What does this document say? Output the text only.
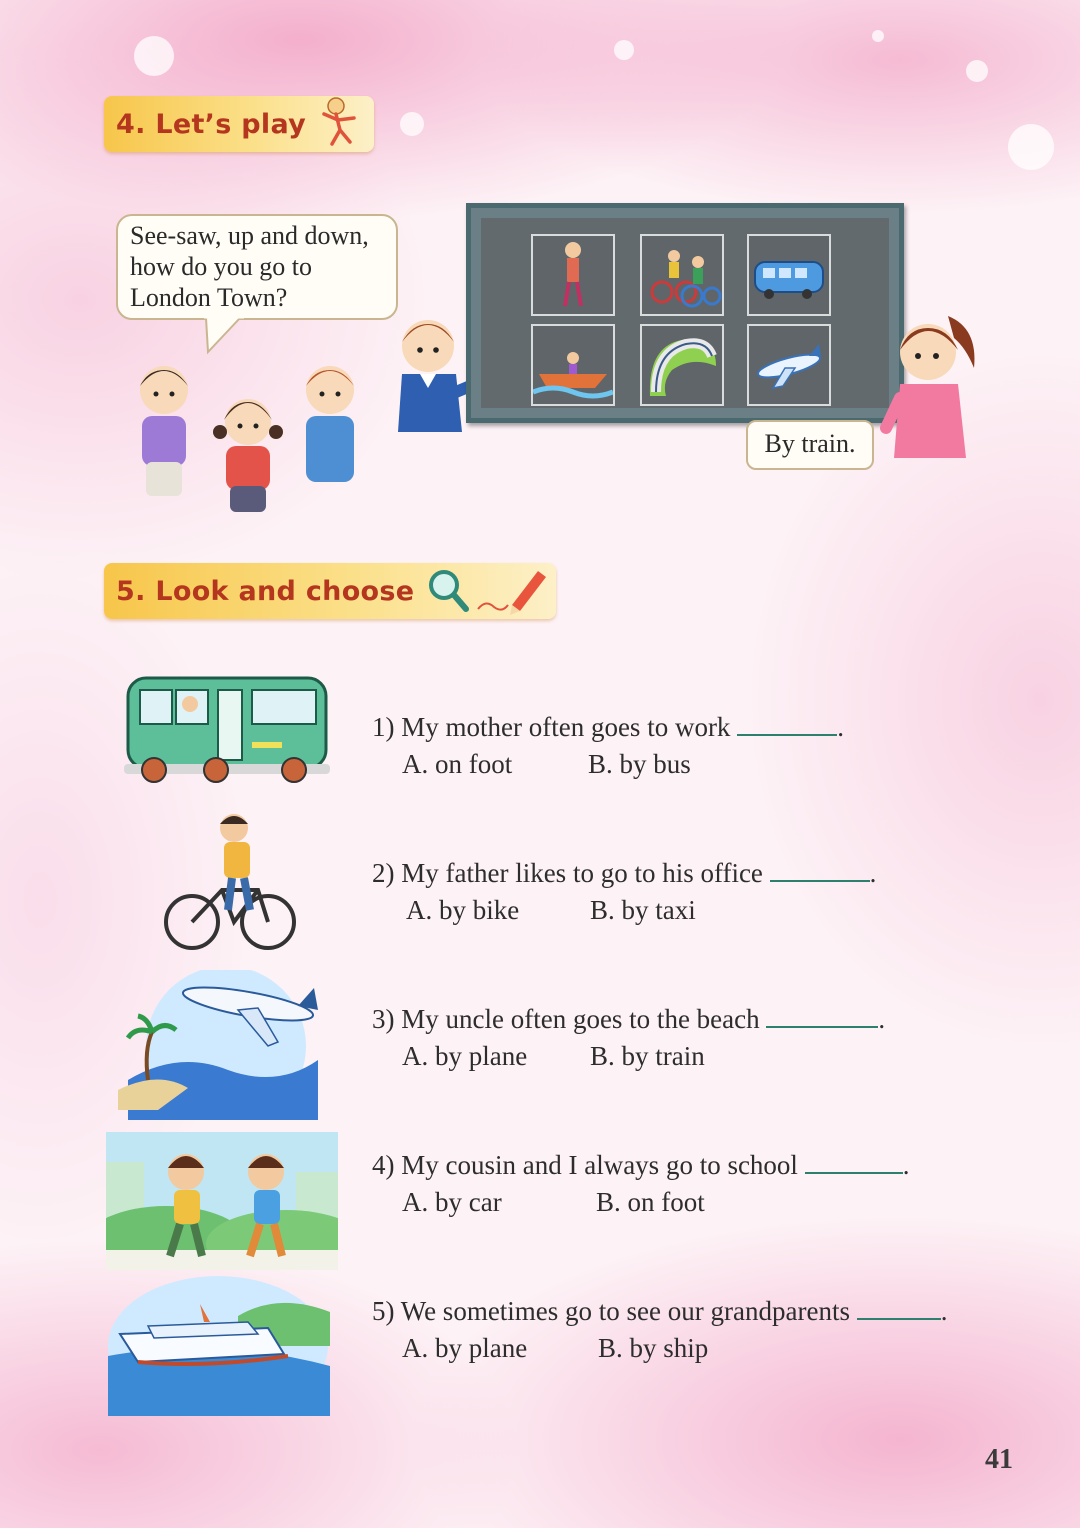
4. Let’s play
See-saw, up and down,
how do you go to
London Town?
By train.
5. Look and choose
1) My mother often goes to work	.
A. on foot	B. by bus
2) My father likes to go to his office	.
A. by bike	B. by taxi
3) My uncle often goes to the beach	.
A. by plane B. by train
4) My cousin and I always go to school	.
A. by car	B. on foot
5) We sometimes go to see our grandparents	.
A. by plane	B. by ship
41
